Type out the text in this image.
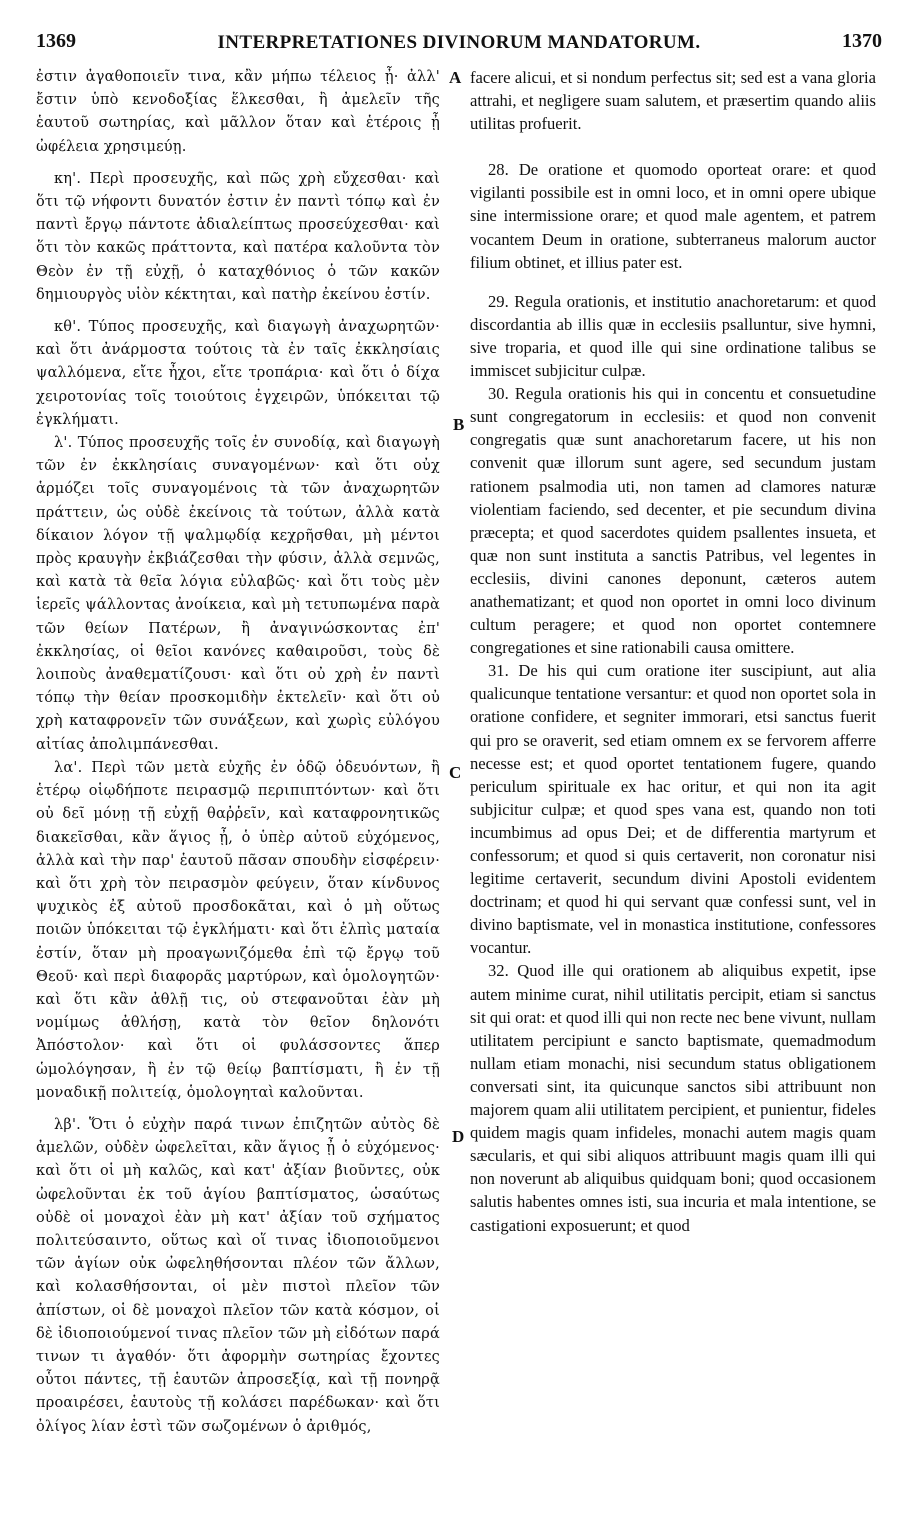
1369	INTERPRETATIONES DIVINORUM MANDATORUM.	1370
A
B
C
D

ἐστιν ἀγαθοποιεῖν τινα, κἂν μήπω τέλειος ᾖ· ἀλλ' ἔστιν ὑπὸ κενοδοξίας ἕλκεσθαι, ἢ ἀμελεῖν τῆς ἑαυτοῦ σωτηρίας, καὶ μᾶλλον ὅταν καὶ ἑτέροις ᾖ ὠφέλεια χρησιμεύῃ.

κη'. Περὶ προσευχῆς, καὶ πῶς χρὴ εὔχεσθαι· καὶ ὅτι τῷ νήφοντι δυνατόν ἐστιν ἐν παντὶ τόπῳ καὶ ἐν παντὶ ἔργῳ πάντοτε ἀδιαλείπτως προσεύχεσθαι· καὶ ὅτι τὸν κακῶς πράττοντα, καὶ πατέρα καλοῦντα τὸν Θεὸν ἐν τῇ εὐχῇ, ὁ καταχθόνιος ὁ τῶν κακῶν δημιουργὸς υἱὸν κέκτηται, καὶ πατὴρ ἐκείνου ἐστίν.

κθ'. Τύπος προσευχῆς, καὶ διαγωγὴ ἀναχωρητῶν· καὶ ὅτι ἀνάρμοστα τούτοις τὰ ἐν ταῖς ἐκκλησίαις ψαλλόμενα, εἴτε ἦχοι, εἴτε τροπάρια· καὶ ὅτι ὁ δίχα χειροτονίας τοῖς τοιούτοις ἐγχειρῶν, ὑπόκειται τῷ ἐγκλήματι.

λ'. Τύπος προσευχῆς τοῖς ἐν συνοδίᾳ, καὶ διαγωγὴ τῶν ἐν ἐκκλησίαις συναγομένων· καὶ ὅτι οὐχ ἁρμόζει τοῖς συναγομένοις τὰ τῶν ἀναχωρητῶν πράττειν, ὡς οὐδὲ ἐκείνοις τὰ τούτων, ἀλλὰ κατὰ δίκαιον λόγον τῇ ψαλμῳδίᾳ κεχρῆσθαι, μὴ μέντοι πρὸς κραυγὴν ἐκβιάζεσθαι τὴν φύσιν, ἀλλὰ σεμνῶς, καὶ κατὰ τὰ θεῖα λόγια εὐλαβῶς· καὶ ὅτι τοὺς μὲν ἱερεῖς ψάλλοντας ἀνοίκεια, καὶ μὴ τετυπωμένα παρὰ τῶν θείων Πατέρων, ἢ ἀναγινώσκοντας ἐπ' ἐκκλησίας, οἱ θεῖοι κανόνες καθαιροῦσι, τοὺς δὲ λοιποὺς ἀναθεματίζουσι· καὶ ὅτι οὐ χρὴ ἐν παντὶ τόπῳ τὴν θείαν προσκομιδὴν ἐκτελεῖν· καὶ ὅτι οὐ χρὴ καταφρονεῖν τῶν συνάξεων, καὶ χωρὶς εὐλόγου αἰτίας ἀπολιμπάνεσθαι.

λα'. Περὶ τῶν μετὰ εὐχῆς ἐν ὁδῷ ὁδευόντων, ἢ ἑτέρῳ οἱῳδήποτε πειρασμῷ περιπιπτόντων· καὶ ὅτι οὐ δεῖ μόνῃ τῇ εὐχῇ θαῤῥεῖν, καὶ καταφρονητικῶς διακεῖσθαι, κἂν ἅγιος ᾖ, ὁ ὑπὲρ αὐτοῦ εὐχόμενος, ἀλλὰ καὶ τὴν παρ' ἑαυτοῦ πᾶσαν σπουδὴν εἰσφέρειν· καὶ ὅτι χρὴ τὸν πειρασμὸν φεύγειν, ὅταν κίνδυνος ψυχικὸς ἐξ αὐτοῦ προσδοκᾶται, καὶ ὁ μὴ οὕτως ποιῶν ὑπόκειται τῷ ἐγκλήματι· καὶ ὅτι ἐλπὶς ματαία ἐστίν, ὅταν μὴ προαγωνιζόμεθα ἐπὶ τῷ ἔργῳ τοῦ Θεοῦ· καὶ περὶ διαφορᾶς μαρτύρων, καὶ ὁμολογητῶν· καὶ ὅτι κἂν ἀθλῇ τις, οὐ στεφανοῦται ἐὰν μὴ νομίμως ἀθλήσῃ, κατὰ τὸν θεῖον δηλονότι Ἀπόστολον· καὶ ὅτι οἱ φυλάσσοντες ἅπερ ὡμολόγησαν, ἢ ἐν τῷ θείῳ βαπτίσματι, ἢ ἐν τῇ μοναδικῇ πολιτείᾳ, ὁμολογηταὶ καλοῦνται.

λβ'. Ὅτι ὁ εὐχὴν παρά τινων ἐπιζητῶν αὐτὸς δὲ ἀμελῶν, οὐδὲν ὠφελεῖται, κἂν ἅγιος ᾖ ὁ εὐχόμενος· καὶ ὅτι οἱ μὴ καλῶς, καὶ κατ' ἀξίαν βιοῦντες, οὐκ ὠφελοῦνται ἐκ τοῦ ἁγίου βαπτίσματος, ὡσαύτως οὐδὲ οἱ μοναχοὶ ἐὰν μὴ κατ' ἀξίαν τοῦ σχήματος πολιτεύσαιντο, οὕτως καὶ οἵ τινας ἰδιοποιοῦμενοι τῶν ἁγίων οὐκ ὠφεληθήσονται πλέον τῶν ἄλλων, καὶ κολασθήσονται, οἱ μὲν πιστοὶ πλεῖον τῶν ἀπίστων, οἱ δὲ μοναχοὶ πλεῖον τῶν κατὰ κόσμον, οἱ δὲ ἰδιοποιούμενοί τινας πλεῖον τῶν μὴ εἰδότων παρά τινων τι ἀγαθόν· ὅτι ἀφορμὴν σωτηρίας ἔχοντες οὗτοι πάντες, τῇ ἑαυτῶν ἀπροσεξίᾳ, καὶ τῇ πονηρᾷ προαιρέσει, ἑαυτοὺς τῇ κολάσει παρέδωκαν· καὶ ὅτι ὀλίγος λίαν ἐστὶ τῶν σωζομένων ὁ ἀριθμός,

facere alicui, et si nondum perfectus sit; sed est a vana gloria attrahi, et negligere suam salutem, et præsertim quando aliis utilitas profuerit.

28. De oratione et quomodo oporteat orare: et quod vigilanti possibile est in omni loco, et in omni opere ubique sine intermissione orare; et quod male agentem, et patrem vocantem Deum in oratione, subterraneus malorum auctor filium obtinet, et illius pater est.

29. Regula orationis, et institutio anachoretarum: et quod discordantia ab illis quæ in ecclesiis psalluntur, sive hymni, sive troparia, et quod ille qui sine ordinatione talibus se immiscet subjicitur culpæ.

30. Regula orationis his qui in concentu et consuetudine sunt congregatorum in ecclesiis: et quod non convenit congregatis quæ sunt anachoretarum facere, ut his non convenit quæ illorum sunt agere, sed secundum justam rationem psalmodia uti, non tamen ad clamores naturæ violentiam faciendo, sed decenter, et pie secundum divina præcepta; et quod sacerdotes quidem psallentes insueta, et quæ non sunt instituta a sanctis Patribus, vel legentes in ecclesiis, divini canones deponunt, cæteros autem anathematizant; et quod non oportet in omni loco divinum cultum peragere; et quod non oportet contemnere congregationes et sine rationabili causa omittere.

31. De his qui cum oratione iter suscipiunt, aut alia qualicunque tentatione versantur: et quod non oportet sola in oratione confidere, et segniter immorari, etsi sanctus fuerit qui pro se oraverit, sed etiam omnem ex se fervorem afferre necesse est; et quod oportet tentationem fugere, quando periculum spirituale ex hac oritur, et qui non ita agit subjicitur culpæ; et quod spes vana est, quando non toti incumbimus ad opus Dei; et de differentia martyrum et confessorum; et quod si quis certaverit, non coronatur nisi legitime certaverit, secundum divini Apostoli evidentem doctrinam; et quod hi qui servant quæ confessi sunt, vel in divino baptismate, vel in monastica institutione, confessores vocantur.

32. Quod ille qui orationem ab aliquibus expetit, ipse autem minime curat, nihil utilitatis percipit, etiam si sanctus sit qui orat: et quod illi qui non recte nec bene vivunt, nullam utilitatem percipiunt e sancto baptismate, quemadmodum nullam etiam monachi, nisi secundum status obligationem conversati sint, ita quicunque sanctos sibi attribuunt non majorem quam alii utilitatem percipient, et punientur, fideles quidem magis quam infideles, monachi autem magis quam sæcularis, et qui sibi aliquos attribuunt magis quam illi qui non noverunt ab aliquibus quidquam boni; quod occasionem salutis habentes omnes isti, sua incuria et mala intentione, se castigationi exposuerunt; et quod
